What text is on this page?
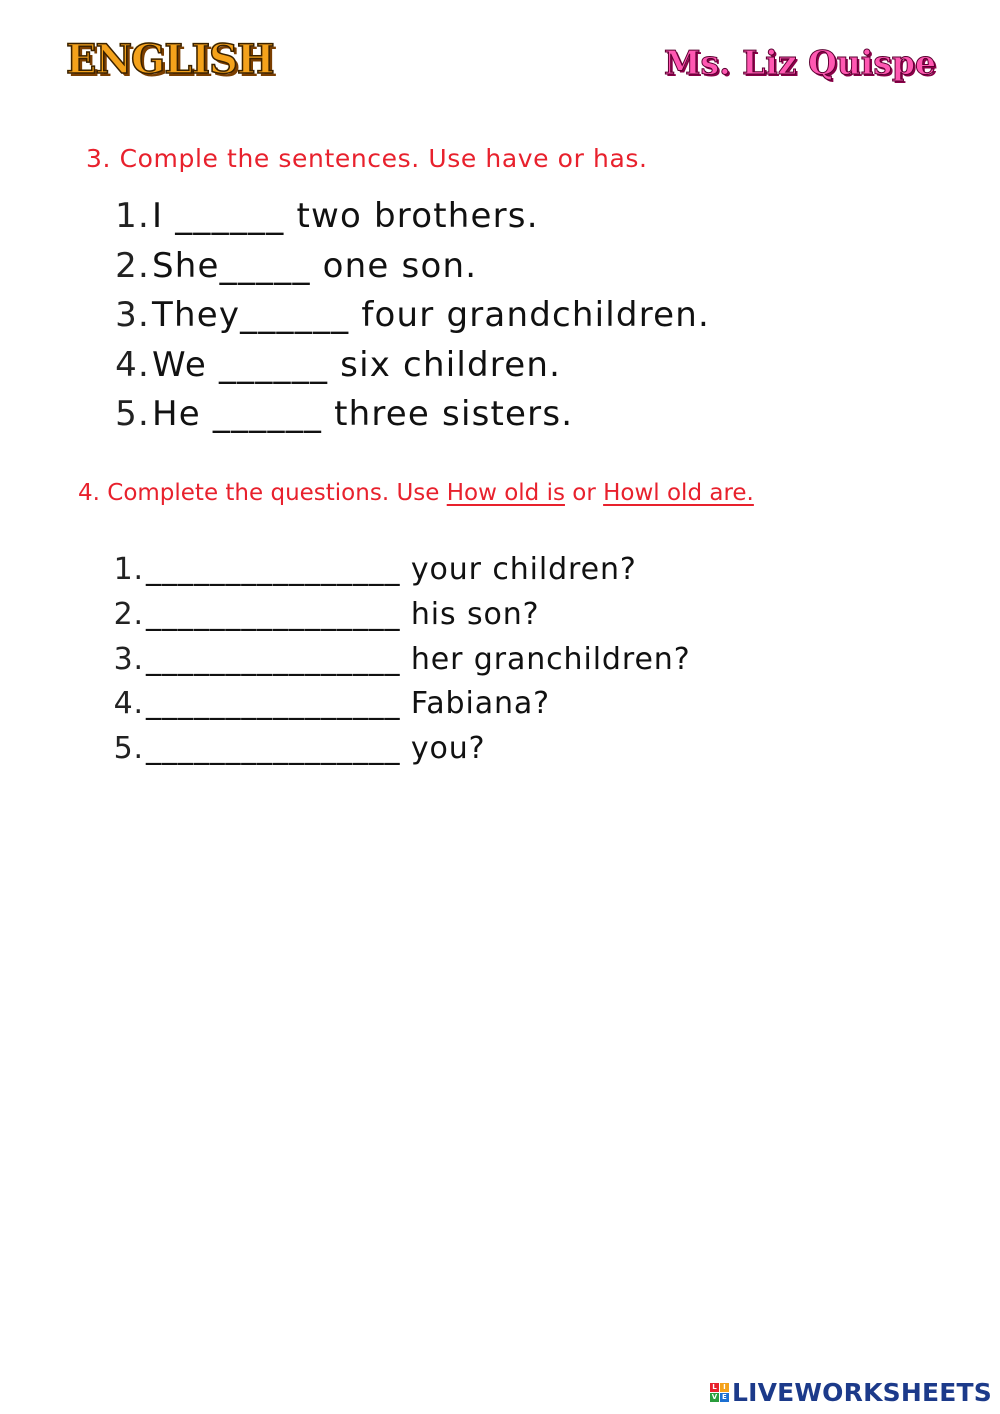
ENGLISH	Ms. Liz Quispe
3. Comple the sentences. Use have or has.
1. I ______ two brothers.
2. She_____ one son.
3. They______ four grandchildren.
4. We ______ six children.
5. He ______ three sisters.
4. Complete the questions. Use How old is or Howl old are.
1. ________________ your children?
2. ________________ his son?
3. ________________ her granchildren?
4. ________________ Fabiana?
5. ________________ you?
L I
V E LIVEWORKSHEETS
